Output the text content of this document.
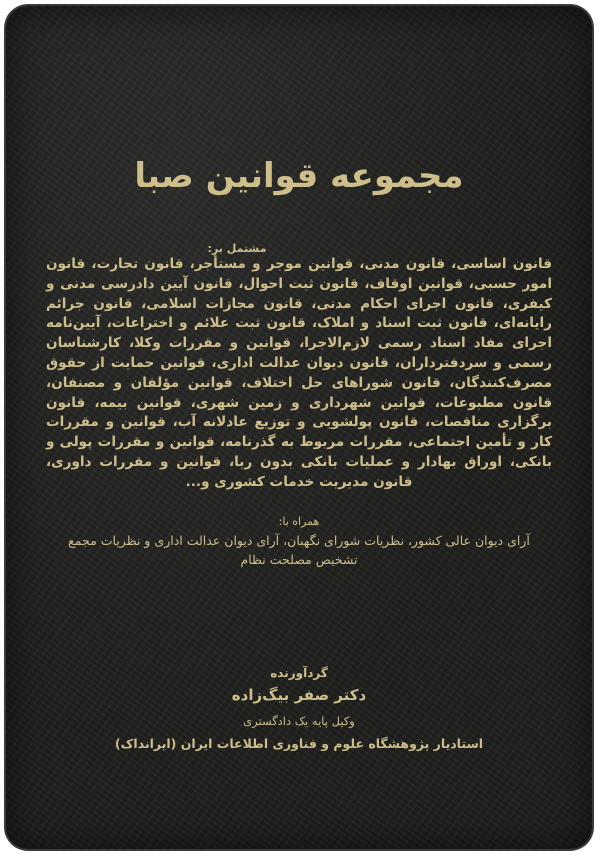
مجموعه قوانین صبا
مشتمل بر:
قانون اساسی، قانون مدنی، قوانین موجر و مستأجر، قانون تجارت، قانون امور حسبی، قوانین اوقاف، قانون ثبت احوال، قانون آیین دادرسی مدنی و کیفری، قانون اجرای احکام مدنی، قانون مجازات اسلامی، قانون جرائم رایانه‌ای، قانون ثبت اسناد و املاک، قانون ثبت علائم و اختراعات، آیین‌نامه اجرای مفاد اسناد رسمی لازم‌الاجرا، قوانین و مقررات وکلا، کارشناسان رسمی و سردفترداران، قانون دیوان عدالت اداری، قوانین حمایت از حقوق مصرف‌کنندگان، قانون شوراهای حل اختلاف، قوانین مؤلفان و مصنفان، قانون مطبوعات، قوانین شهرداری و زمین شهری، قوانین بیمه، قانون برگزاری مناقصات، قانون پولشویی و توزیع عادلانه آب، قوانین و مقررات کار و تأمین اجتماعی، مقررات مربوط به گذرنامه، قوانین و مقررات پولی و بانکی، اوراق بهادار و عملیات بانکی بدون ربا، قوانین و مقررات داوری، قانون مدیریت خدمات کشوری و...
همراه با:
آرای دیوان عالی کشور، نظریات شورای نگهبان، آرای دیوان عدالت اداری و نظریات مجمع تشخیص مصلحت نظام
گردآورنده
دکتر صفر بیگ‌زاده
وکیل پایه یک دادگستری
استادیار پژوهشگاه علوم و فناوری اطلاعات ایران (ایرانداک)
